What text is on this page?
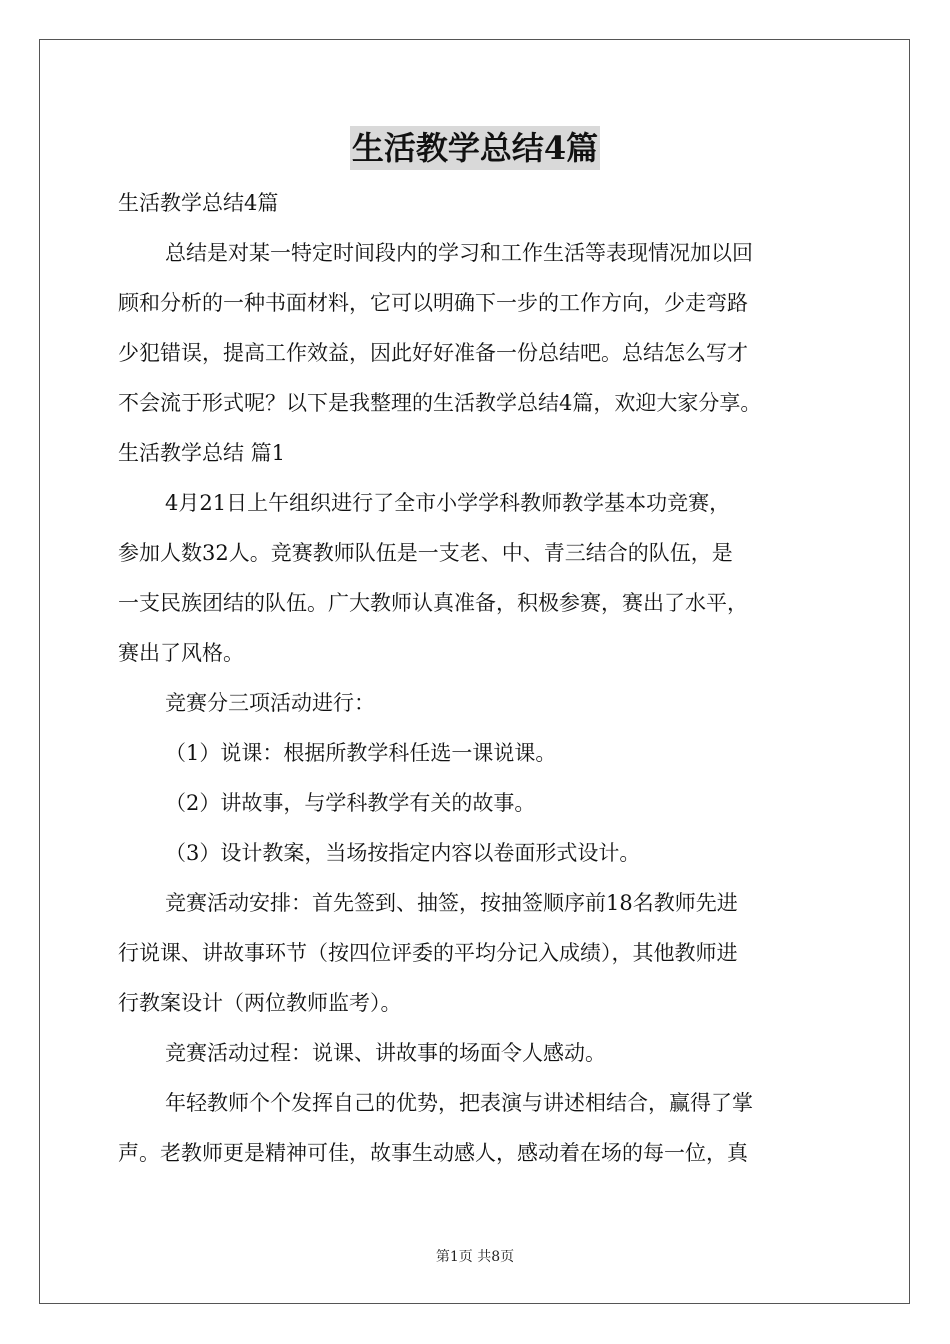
生活教学总结4篇
生活教学总结4篇
总结是对某一特定时间段内的学习和工作生活等表现情况加以回
顾和分析的一种书面材料，它可以明确下一步的工作方向，少走弯路
少犯错误，提高工作效益，因此好好准备一份总结吧。总结怎么写才
不会流于形式呢？以下是我整理的生活教学总结4篇，欢迎大家分享。
生活教学总结 篇1
4月21日上午组织进行了全市小学学科教师教学基本功竞赛，
参加人数32人。竞赛教师队伍是一支老、中、青三结合的队伍，是
一支民族团结的队伍。广大教师认真准备，积极参赛，赛出了水平，
赛出了风格。
竞赛分三项活动进行：
（1）说课：根据所教学科任选一课说课。
（2）讲故事，与学科教学有关的故事。
（3）设计教案，当场按指定内容以卷面形式设计。
竞赛活动安排：首先签到、抽签，按抽签顺序前18名教师先进
行说课、讲故事环节（按四位评委的平均分记入成绩），其他教师进
行教案设计（两位教师监考）。
竞赛活动过程：说课、讲故事的场面令人感动。
年轻教师个个发挥自己的优势，把表演与讲述相结合，赢得了掌
声。老教师更是精神可佳，故事生动感人，感动着在场的每一位，真
第1页 共8页
